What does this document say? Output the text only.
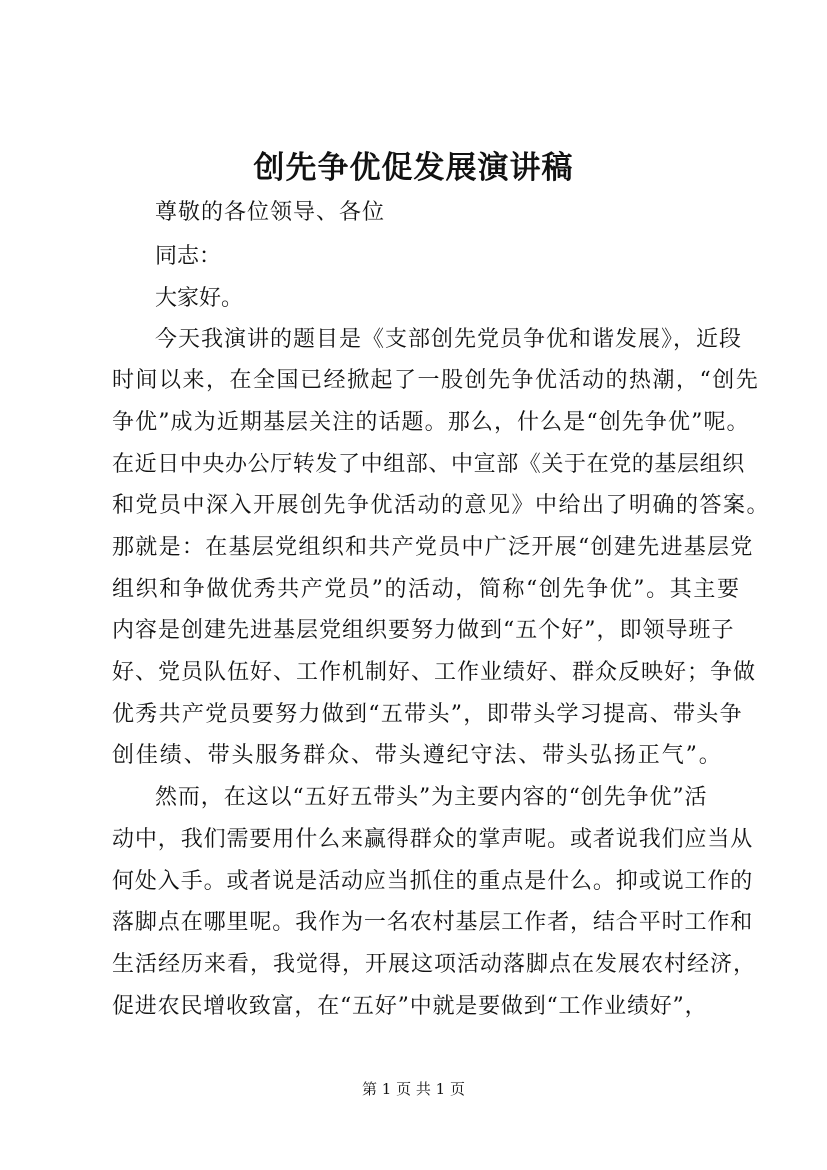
创先争优促发展演讲稿

尊敬的各位领导、各位

同志：

大家好。

今天我演讲的题目是《支部创先党员争优和谐发展》，近段

时间以来，在全国已经掀起了一股创先争优活动的热潮，“创先

争优”成为近期基层关注的话题。那么，什么是“创先争优”呢。

在近日中央办公厅转发了中组部、中宣部《关于在党的基层组织

和党员中深入开展创先争优活动的意见》中给出了明确的答案。

那就是：在基层党组织和共产党员中广泛开展“创建先进基层党

组织和争做优秀共产党员”的活动，简称“创先争优”。其主要

内容是创建先进基层党组织要努力做到“五个好”，即领导班子

好、党员队伍好、工作机制好、工作业绩好、群众反映好；争做

优秀共产党员要努力做到“五带头”，即带头学习提高、带头争

创佳绩、带头服务群众、带头遵纪守法、带头弘扬正气”。

然而，在这以“五好五带头”为主要内容的“创先争优”活

动中，我们需要用什么来赢得群众的掌声呢。或者说我们应当从

何处入手。或者说是活动应当抓住的重点是什么。抑或说工作的

落脚点在哪里呢。我作为一名农村基层工作者，结合平时工作和

生活经历来看，我觉得，开展这项活动落脚点在发展农村经济，

促进农民增收致富，在“五好”中就是要做到“工作业绩好”，

第 1 页 共 1 页
